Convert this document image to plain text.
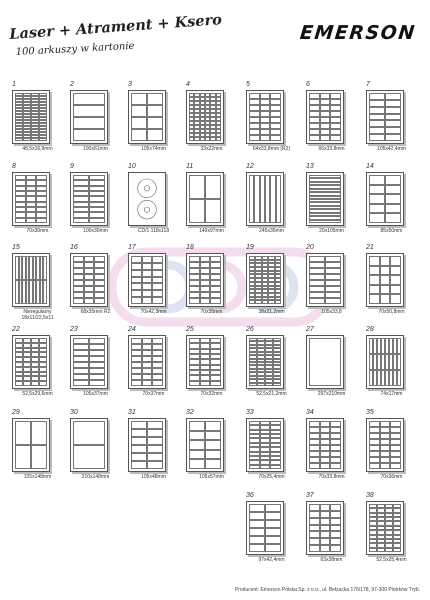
Laser + Atrament + Ksero
100 arkuszy w kartonie
EMERSON
1
48,5x16,9mm
2
190x61mm
3
105x74mm
4
33x22mm
5
64x33,8mm (R2)
6
66x33,8mm
7
105x42,4mm
8
70x30mm
9
100x30mm
10
CD/1 118x118
11
140x97mm
12
245x35mm
13
20x105mm
14
85x50mm
15
Nieregularny 18x11/22,5x11
16
68x35mm R2
17
70x42,3mm
18
70x35mm
19
38x21,2mm
20
105x33,8
21
70x50,8mm
22
52,5x29,6mm
23
105x37mm
24
70x37mm
25
70x32mm
26
52,5x21,2mm
27
297x210mm
28
74x17mm
29
105x148mm
30
210x148mm
31
105x48mm
32
105x57mm
33
70x25,4mm
34
70x33,8mm
35
70x36mm
36
97x42,4mm
37
63x38mm
38
52,5x25,4mm
Producent: Emerson Polska Sp. z o.o., ul. Bełzacka 176/178, 97-300 Piotrków Tryb.
